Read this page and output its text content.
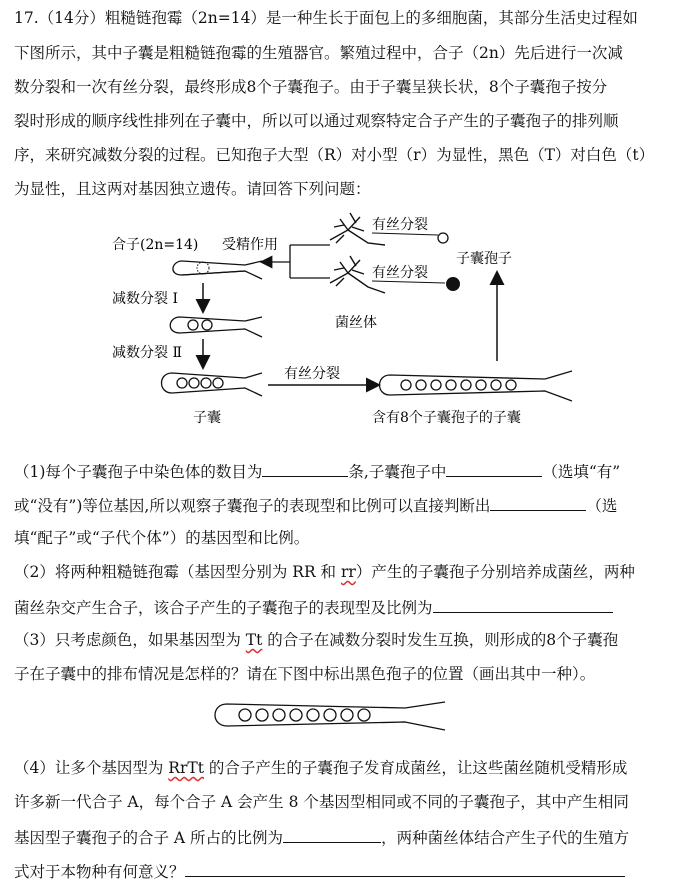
17.（14分）粗糙链孢霉（2n=14）是一种生长于面包上的多细胞菌，其部分生活史过程如
下图所示，其中子囊是粗糙链孢霉的生殖器官。繁殖过程中，合子（2n）先后进行一次减
数分裂和一次有丝分裂，最终形成8个子囊孢子。由于子囊呈狭长状，8个子囊孢子按分
裂时形成的顺序线性排列在子囊中，所以可以通过观察特定合子产生的子囊孢子的排列顺
序，来研究减数分裂的过程。已知孢子大型（R）对小型（r）为显性，黑色（T）对白色（t）
为显性，且这两对基因独立遗传。请回答下列问题：
合子(2n=14) 受精作用
有丝分裂
有丝分裂
子囊孢子
菌丝体
减数分裂 Ⅰ
减数分裂 Ⅱ
子囊
有丝分裂
含有8个子囊孢子的子囊
（1)每个子囊孢子中染色体的数目为	条,子囊孢子中	（选填“有”
或“没有”)等位基因,所以观察子囊孢子的表现型和比例可以直接判断出	（选
填“配子”或“子代个体”）的基因型和比例。
（2）将两种粗糙链孢霉（基因型分别为 RR 和 rr）产生的子囊孢子分别培养成菌丝，两种
菌丝杂交产生合子，该合子产生的子囊孢子的表现型及比例为
（3）只考虑颜色，如果基因型为 Tt 的合子在减数分裂时发生互换，则形成的8个子囊孢
子在子囊中的排布情况是怎样的？请在下图中标出黑色孢子的位置（画出其中一种）。
（4）让多个基因型为 RrTt 的合子产生的子囊孢子发育成菌丝，让这些菌丝随机受精形成
许多新一代合子 A，每个合子 A 会产生 8 个基因型相同或不同的子囊孢子，其中产生相同
基因型子囊孢子的合子 A 所占的比例为	，两种菌丝体结合产生子代的生殖方
式对于本物种有何意义？
